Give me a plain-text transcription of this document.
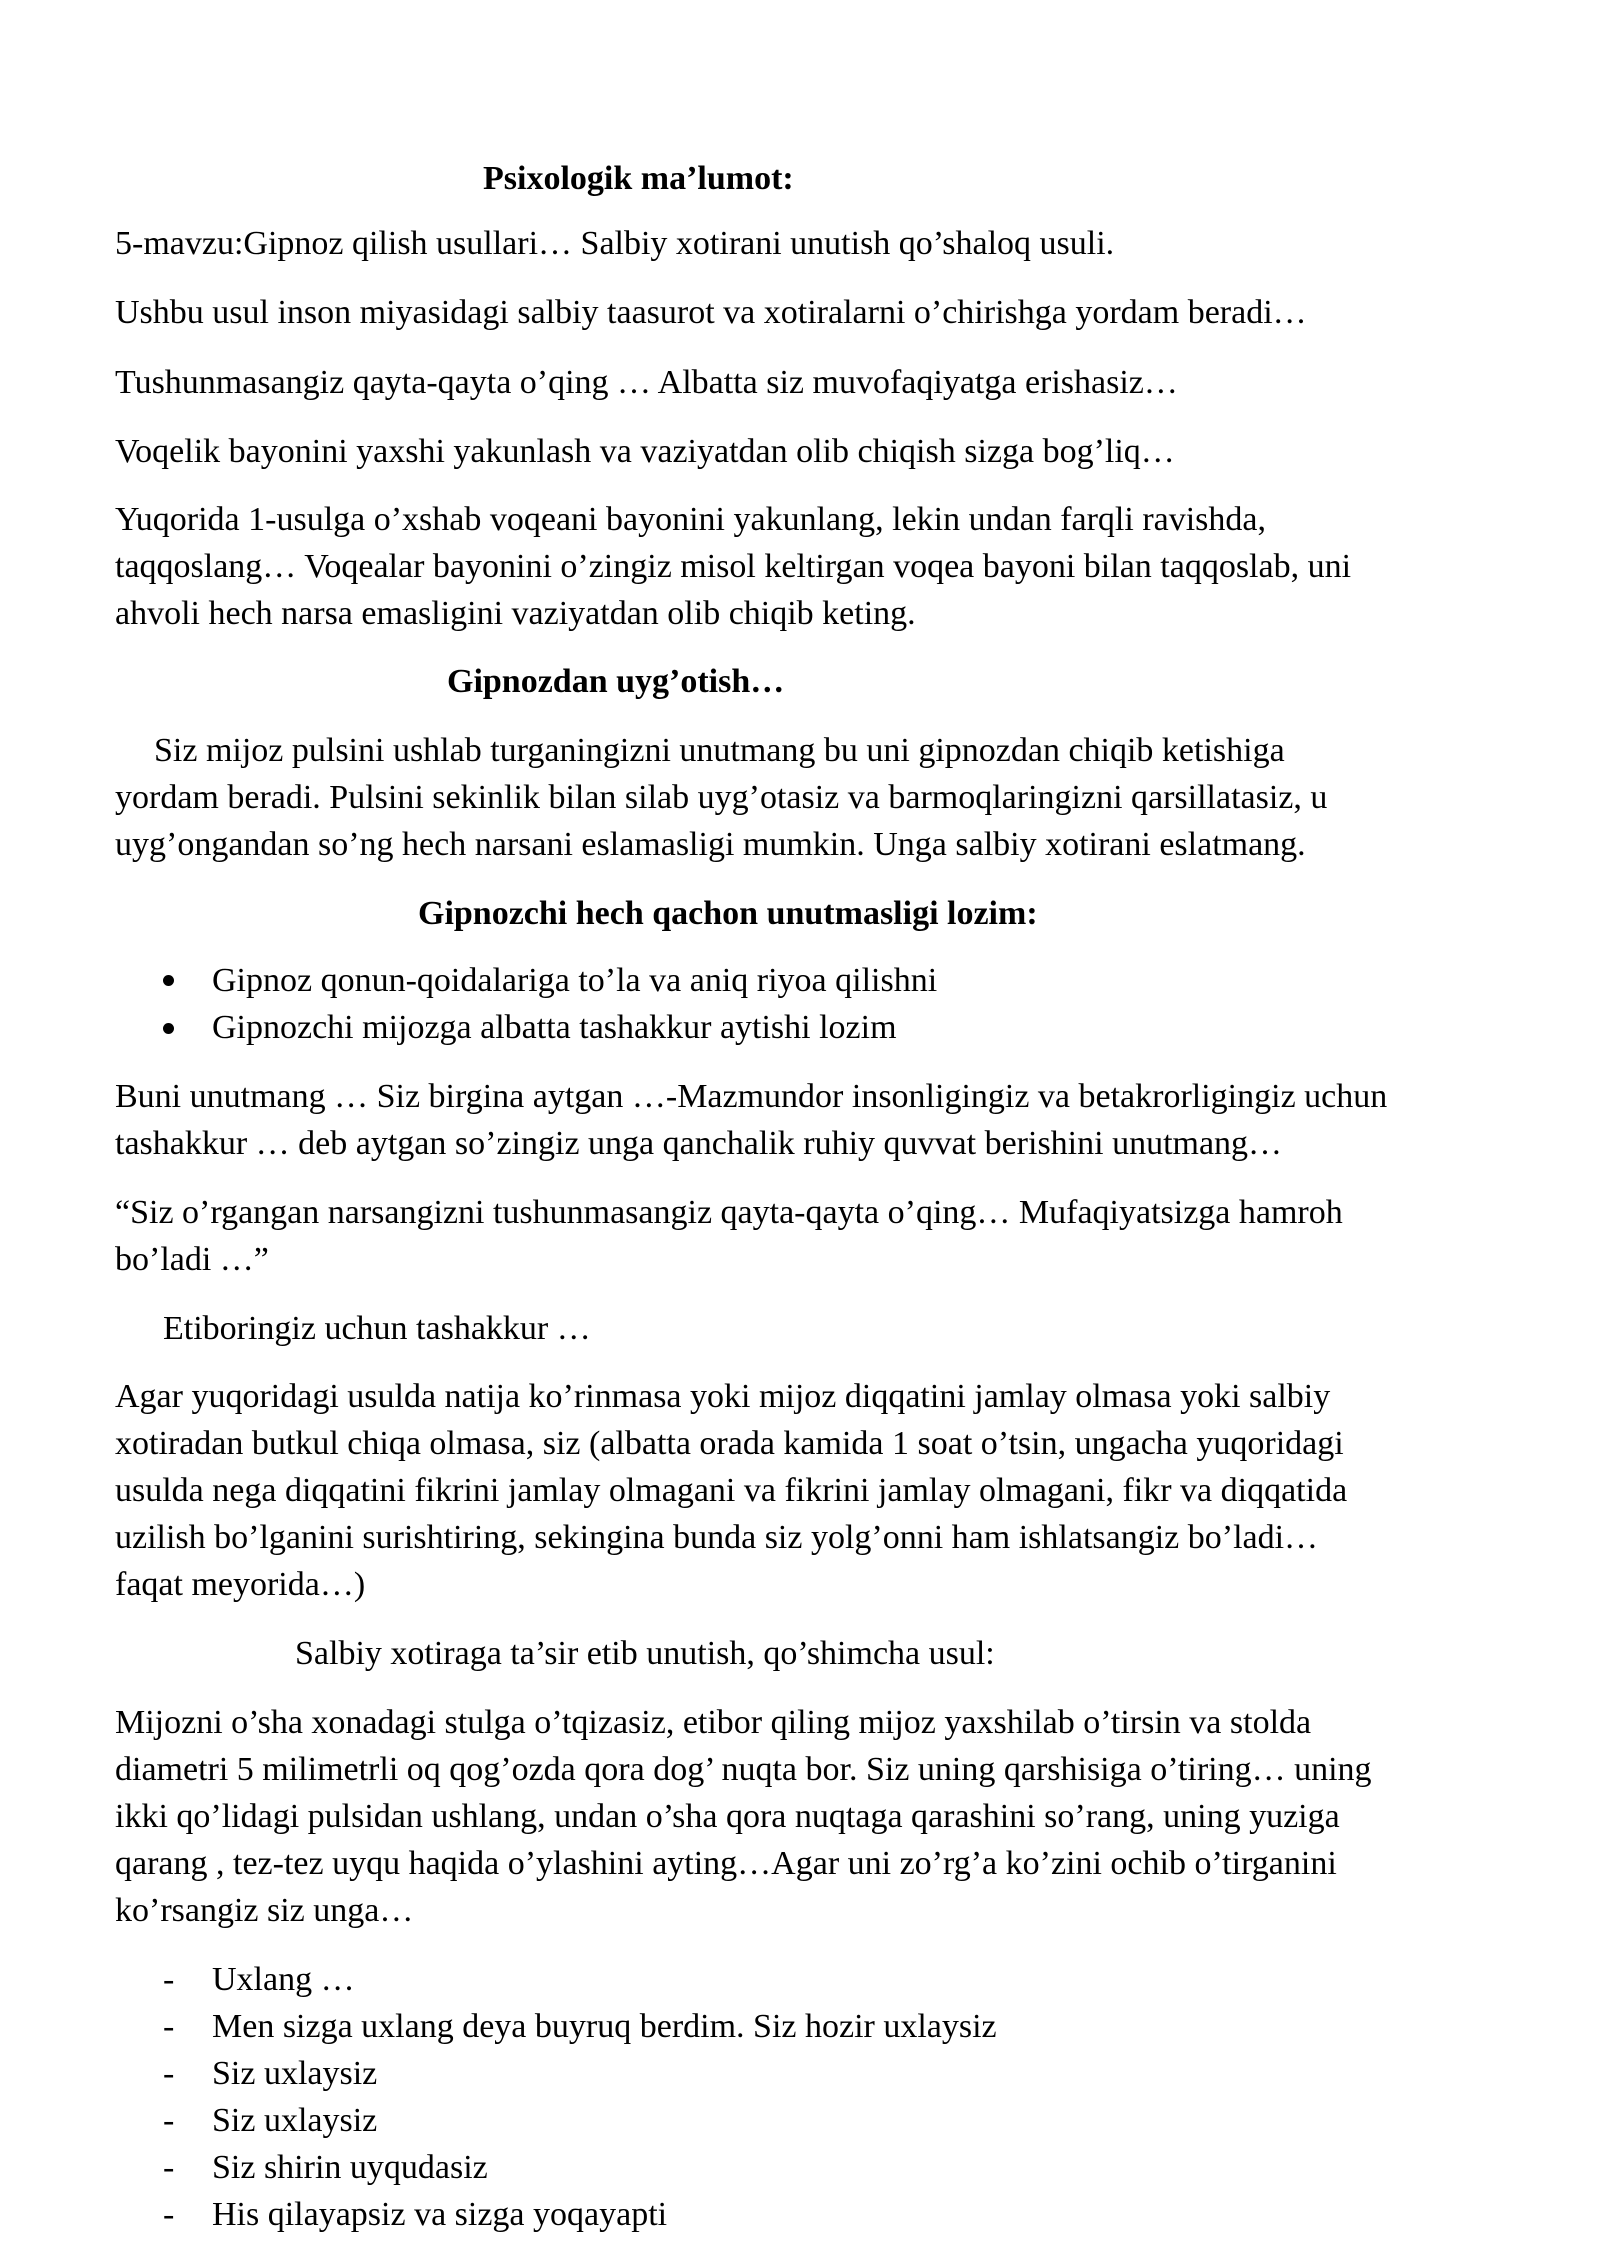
Psixologik ma’lumot:

5-mavzu:Gipnoz qilish usullari… Salbiy xotirani unutish qo’shaloq usuli.

Ushbu usul inson miyasidagi salbiy taasurot va xotiralarni o’chirishga yordam beradi…

Tushunmasangiz qayta-qayta o’qing … Albatta siz muvofaqiyatga erishasiz…

Voqelik bayonini yaxshi yakunlash va vaziyatdan olib chiqish sizga bog’liq…

Yuqorida 1-usulga o’xshab voqeani bayonini yakunlang, lekin undan farqli ravishda,

taqqoslang… Voqealar bayonini o’zingiz misol keltirgan voqea bayoni bilan taqqoslab, uni

ahvoli hech narsa emasligini vaziyatdan olib chiqib keting.

Gipnozdan uyg’otish…

Siz mijoz pulsini ushlab turganingizni unutmang bu uni gipnozdan chiqib ketishiga

yordam beradi. Pulsini sekinlik bilan silab uyg’otasiz va barmoqlaringizni qarsillatasiz, u

uyg’ongandan so’ng hech narsani eslamasligi mumkin. Unga salbiy xotirani eslatmang.

Gipnozchi hech qachon unutmasligi lozim:

Gipnoz qonun-qoidalariga to’la va aniq riyoa qilishni

Gipnozchi mijozga albatta tashakkur aytishi lozim

Buni unutmang … Siz birgina aytgan …-Mazmundor insonligingiz va betakrorligingiz uchun

tashakkur … deb aytgan so’zingiz unga qanchalik ruhiy quvvat berishini unutmang…

“Siz o’rgangan narsangizni tushunmasangiz qayta-qayta o’qing… Mufaqiyatsizga hamroh

bo’ladi …”

Etiboringiz uchun tashakkur …

Agar yuqoridagi usulda natija ko’rinmasa yoki mijoz diqqatini jamlay olmasa yoki salbiy

xotiradan butkul chiqa olmasa, siz (albatta orada kamida 1 soat o’tsin, ungacha yuqoridagi

usulda nega diqqatini fikrini jamlay olmagani va fikrini jamlay olmagani, fikr va diqqatida

uzilish bo’lganini surishtiring, sekingina bunda siz yolg’onni ham ishlatsangiz bo’ladi…

faqat meyorida…)

Salbiy xotiraga ta’sir etib unutish, qo’shimcha usul:

Mijozni o’sha xonadagi stulga o’tqizasiz, etibor qiling mijoz yaxshilab o’tirsin va stolda

diametri 5 milimetrli oq qog’ozda qora dog’ nuqta bor. Siz uning qarshisiga o’tiring… uning

ikki qo’lidagi pulsidan ushlang, undan o’sha qora nuqtaga qarashini so’rang, uning yuziga

qarang , tez-tez uyqu haqida o’ylashini ayting…Agar uni zo’rg’a ko’zini ochib o’tirganini

ko’rsangiz siz unga…

- Uxlang …

- Men sizga uxlang deya buyruq berdim. Siz hozir uxlaysiz

- Siz uxlaysiz

- Siz uxlaysiz

- Siz shirin uyqudasiz

- His qilayapsiz va sizga yoqayapti
